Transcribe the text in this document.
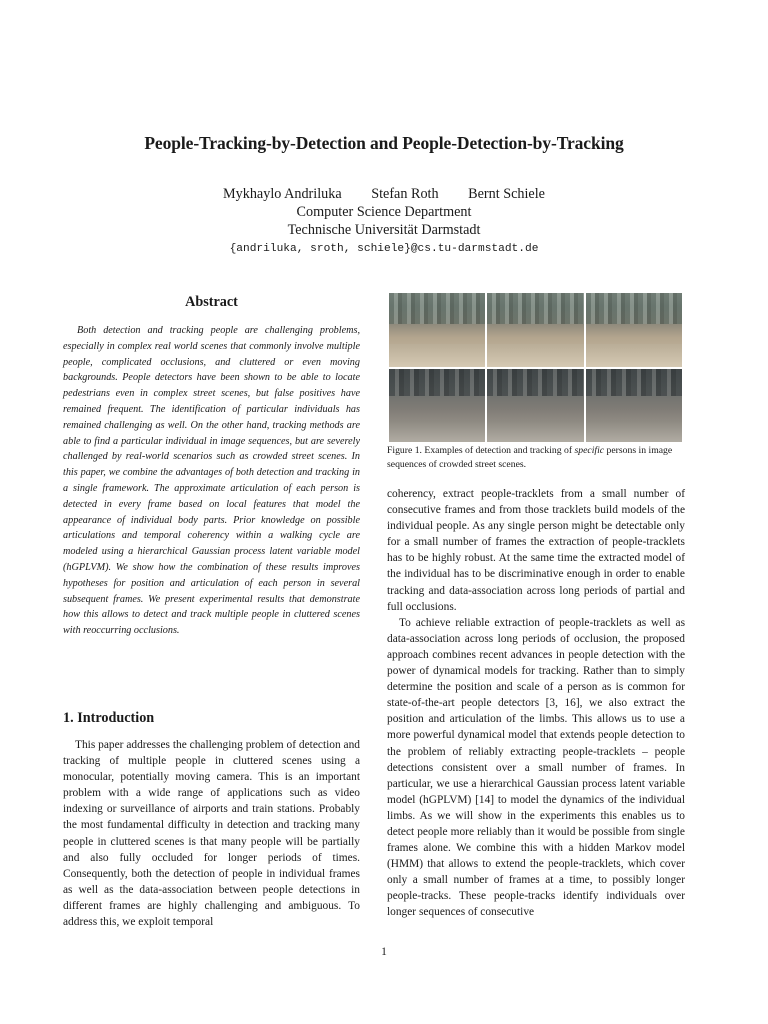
People-Tracking-by-Detection and People-Detection-by-Tracking
Mykhaylo Andriluka Stefan Roth Bernt Schiele
Computer Science Department
Technische Universität Darmstadt
{andriluka, sroth, schiele}@cs.tu-darmstadt.de
Abstract

Both detection and tracking people are challenging problems, especially in complex real world scenes that commonly involve multiple people, complicated occlusions, and cluttered or even moving backgrounds. People detectors have been shown to be able to locate pedestrians even in complex street scenes, but false positives have remained frequent. The identification of particular individuals has remained challenging as well. On the other hand, tracking methods are able to find a particular individual in image sequences, but are severely challenged by real-world scenarios such as crowded street scenes. In this paper, we combine the advantages of both detection and tracking in a single framework. The approximate articulation of each person is detected in every frame based on local features that model the appearance of individual body parts. Prior knowledge on possible articulations and temporal coherency within a walking cycle are modeled using a hierarchical Gaussian process latent variable model (hGPLVM). We show how the combination of these results improves hypotheses for position and articulation of each person in several subsequent frames. We present experimental results that demonstrate how this allows to detect and track multiple people in cluttered scenes with reoccurring occlusions.

1. Introduction

This paper addresses the challenging problem of detection and tracking of multiple people in cluttered scenes using a monocular, potentially moving camera. This is an important problem with a wide range of applications such as video indexing or surveillance of airports and train stations. Probably the most fundamental difficulty in detection and tracking many people in cluttered scenes is that many people will be partially and also fully occluded for longer periods of times. Consequently, both the detection of people in individual frames as well as the data-association between people detections in different frames are highly challenging and ambiguous. To address this, we exploit temporal

Figure 1. Examples of detection and tracking of specific persons in image sequences of crowded street scenes.

coherency, extract people-tracklets from a small number of consecutive frames and from those tracklets build models of the individual people. As any single person might be detectable only for a small number of frames the extraction of people-tracklets has to be highly robust. At the same time the extracted model of the individual has to be discriminative enough in order to enable tracking and data-association across long periods of partial and full occlusions.

To achieve reliable extraction of people-tracklets as well as data-association across long periods of occlusion, the proposed approach combines recent advances in people detection with the power of dynamical models for tracking. Rather than to simply determine the position and scale of a person as is common for state-of-the-art people detectors [3, 16], we also extract the position and articulation of the limbs. This allows us to use a more powerful dynamical model that extends people detection to the problem of reliably extracting people-tracklets – people detections consistent over a small number of frames. In particular, we use a hierarchical Gaussian process latent variable model (hGPLVM) [14] to model the dynamics of the individual limbs. As we will show in the experiments this enables us to detect people more reliably than it would be possible from single frames alone. We combine this with a hidden Markov model (HMM) that allows to extend the people-tracklets, which cover only a small number of frames at a time, to possibly longer people-tracks. These people-tracks identify individuals over longer sequences of consecutive

1
